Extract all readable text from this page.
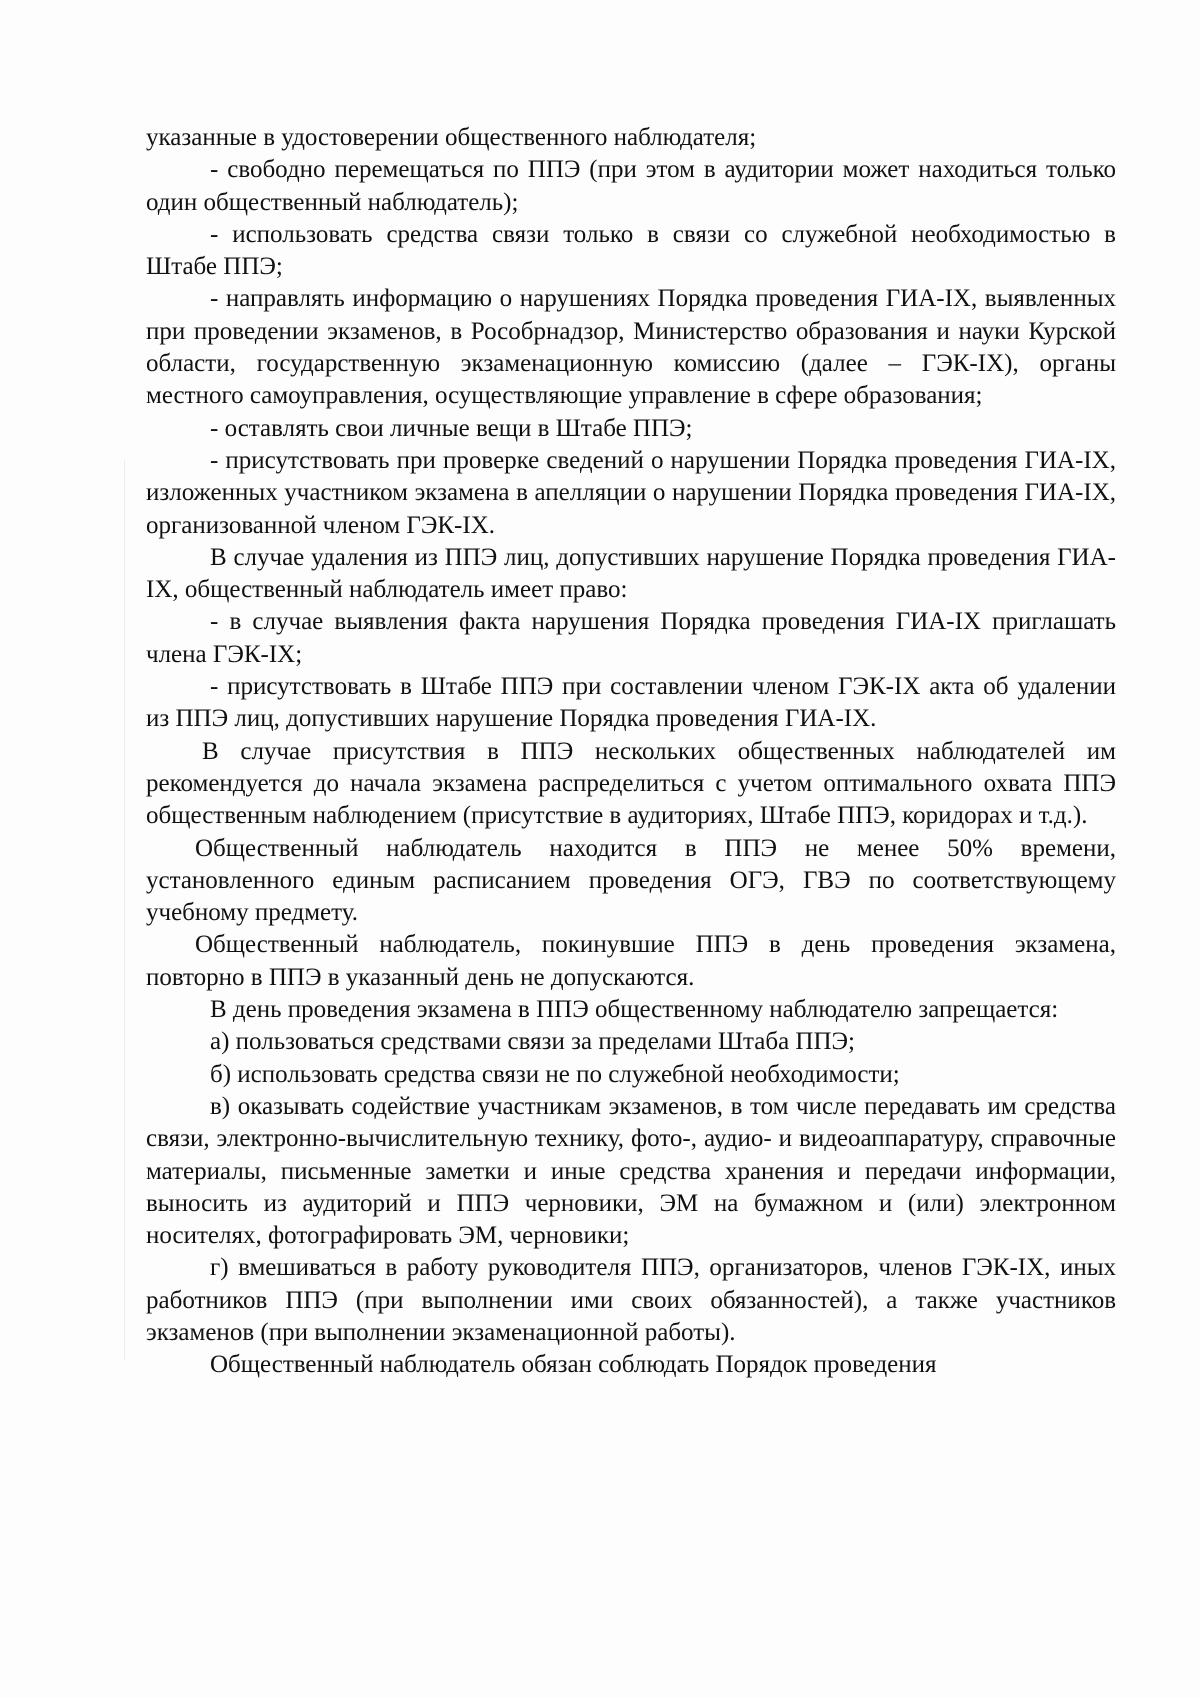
указанные в удостоверении общественного наблюдателя;

- свободно перемещаться по ППЭ (при этом в аудитории может находиться только один общественный наблюдатель);

- использовать средства связи только в связи со служебной необходимостью в Штабе ППЭ;

- направлять информацию о нарушениях Порядка проведения ГИА-IX, выявленных при проведении экзаменов, в Рособрнадзор, Министерство образования и науки Курской области, государственную экзаменационную комиссию (далее – ГЭК-IX), органы местного самоуправления, осуществляющие управление в сфере образования;

- оставлять свои личные вещи в Штабе ППЭ;

- присутствовать при проверке сведений о нарушении Порядка проведения ГИА-IX, изложенных участником экзамена в апелляции о нарушении Порядка проведения ГИА-IX, организованной членом ГЭК-IX.

В случае удаления из ППЭ лиц, допустивших нарушение Порядка проведения ГИА-IX, общественный наблюдатель имеет право:

- в случае выявления факта нарушения Порядка проведения ГИА-IX приглашать члена ГЭК-IX;

- присутствовать в Штабе ППЭ при составлении членом ГЭК-IX акта об удалении из ППЭ лиц, допустивших нарушение Порядка проведения ГИА-IX.

В случае присутствия в ППЭ нескольких общественных наблюдателей им рекомендуется до начала экзамена распределиться с учетом оптимального охвата ППЭ общественным наблюдением (присутствие в аудиториях, Штабе ППЭ, коридорах и т.д.).

Общественный наблюдатель находится в ППЭ не менее 50% времени, установленного единым расписанием проведения ОГЭ, ГВЭ по соответствующему учебному предмету.

Общественный наблюдатель, покинувшие ППЭ в день проведения экзамена, повторно в ППЭ в указанный день не допускаются.

В день проведения экзамена в ППЭ общественному наблюдателю запрещается:

а) пользоваться средствами связи за пределами Штаба ППЭ;

б) использовать средства связи не по служебной необходимости;

в) оказывать содействие участникам экзаменов, в том числе передавать им средства связи, электронно-вычислительную технику, фото-, аудио- и видеоаппаратуру, справочные материалы, письменные заметки и иные средства хранения и передачи информации, выносить из аудиторий и ППЭ черновики, ЭМ на бумажном и (или) электронном носителях, фотографировать ЭМ, черновики;

г) вмешиваться в работу руководителя ППЭ, организаторов, членов ГЭК-IX, иных работников ППЭ (при выполнении ими своих обязанностей), а также участников экзаменов (при выполнении экзаменационной работы).

Общественный наблюдатель обязан соблюдать Порядок проведения
